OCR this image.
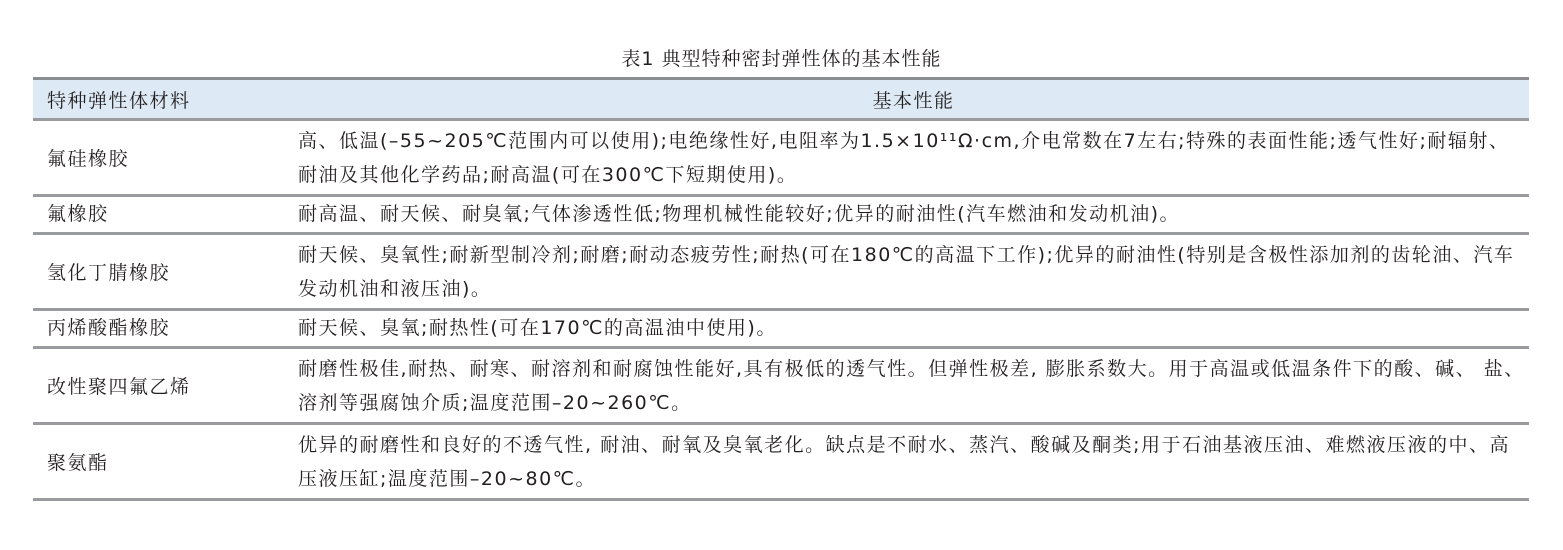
表1 典型特种密封弹性体的基本性能
特种弹性体材料	基本性能
氟硅橡胶	高、低温(–55~205℃范围内可以使用);电绝缘性好,电阻率为1.5×10¹¹Ω·cm,介电常数在7左右;特殊的表面性能;透气性好;耐辐射、耐油及其他化学药品;耐高温(可在300℃下短期使用)。
氟橡胶	耐高温、耐天候、耐臭氧;气体渗透性低;物理机械性能较好;优异的耐油性(汽车燃油和发动机油)。
氢化丁腈橡胶	耐天候、臭氧性;耐新型制冷剂;耐磨;耐动态疲劳性;耐热(可在180℃的高温下工作);优异的耐油性(特别是含极性添加剂的齿轮油、汽车发动机油和液压油)。
丙烯酸酯橡胶	耐天候、臭氧;耐热性(可在170℃的高温油中使用)。
改性聚四氟乙烯	耐磨性极佳,耐热、耐寒、耐溶剂和耐腐蚀性能好,具有极低的透气性。但弹性极差, 膨胀系数大。用于高温或低温条件下的酸、碱、 盐、溶剂等强腐蚀介质;温度范围–20~260℃。
聚氨酯	优异的耐磨性和良好的不透气性, 耐油、耐氧及臭氧老化。缺点是不耐水、蒸汽、酸碱及酮类;用于石油基液压油、难燃液压液的中、高压液压缸;温度范围–20~80℃。
